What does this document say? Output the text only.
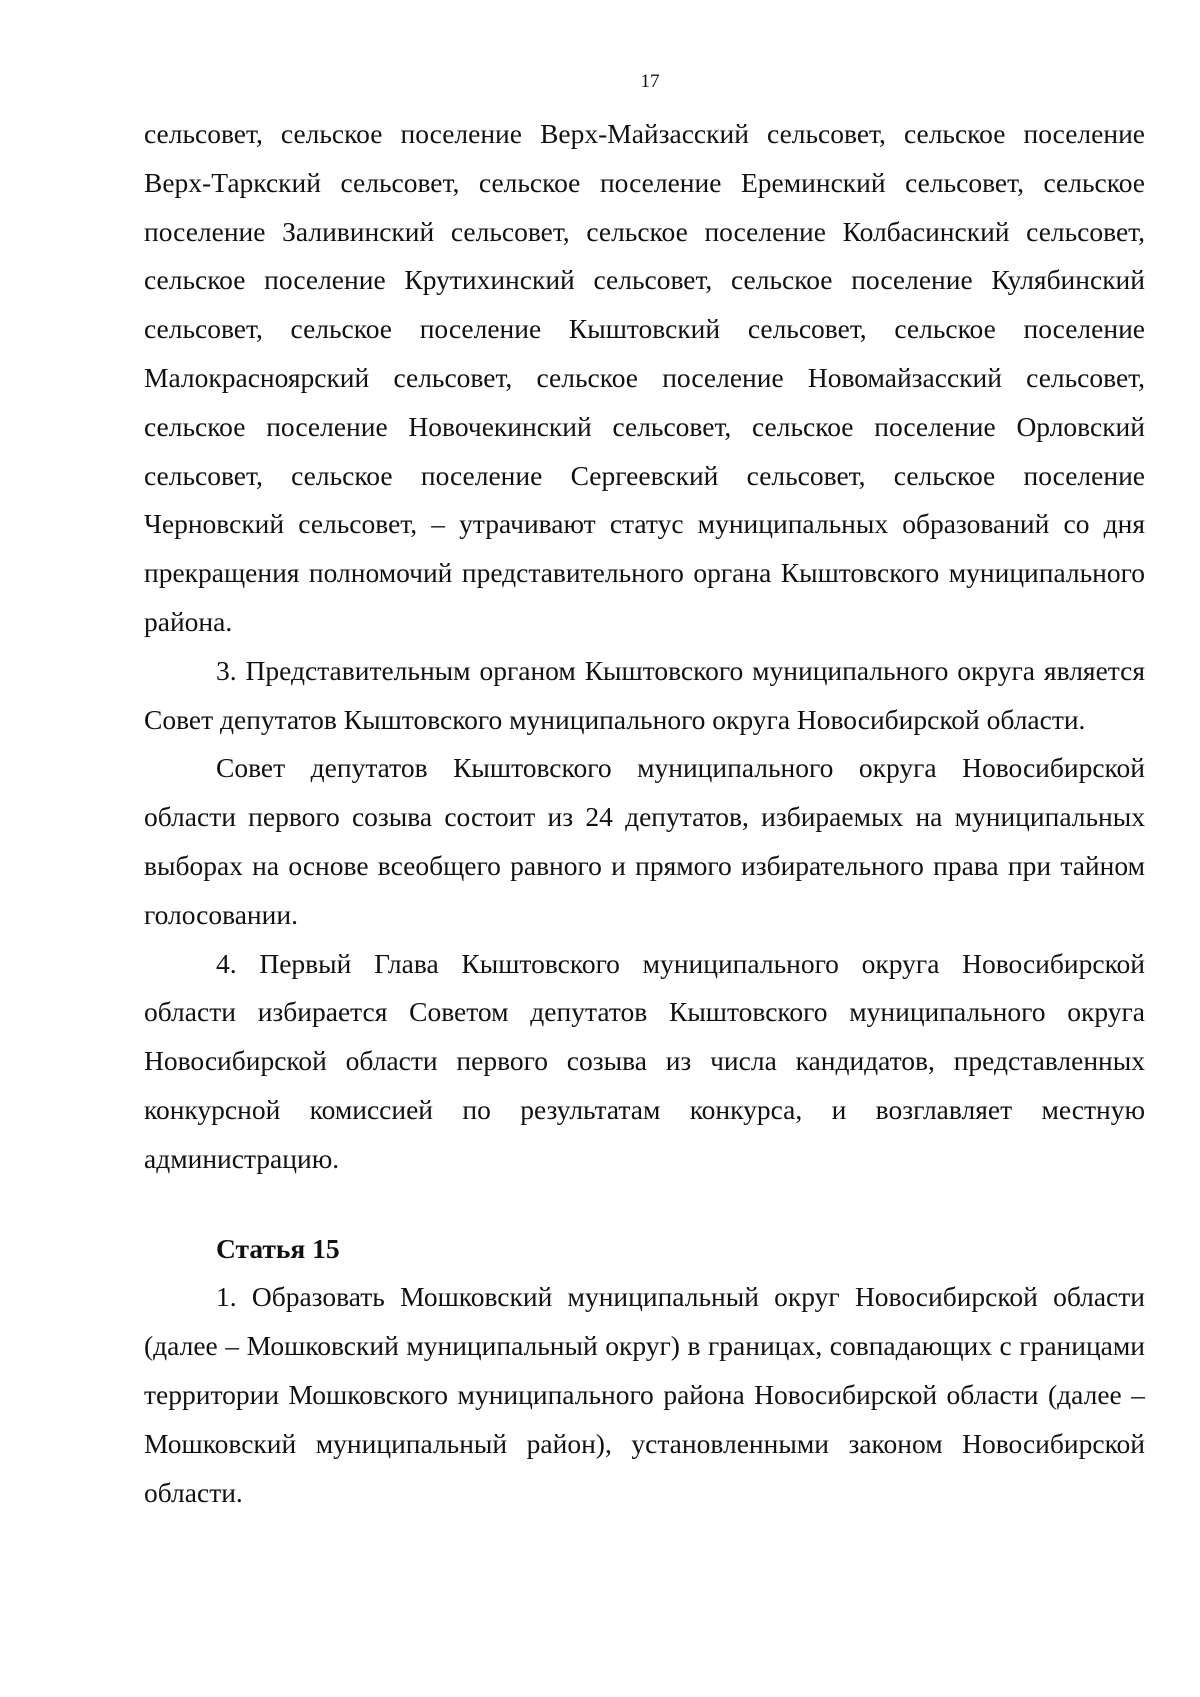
17

сельсовет, сельское поселение Верх-Майзасский сельсовет, сельское поселение Верх-Таркский сельсовет, сельское поселение Ереминский сельсовет, сельское поселение Заливинский сельсовет, сельское поселение Колбасинский сельсовет, сельское поселение Крутихинский сельсовет, сельское поселение Кулябинский сельсовет, сельское поселение Кыштовский сельсовет, сельское поселение Малокрасноярский сельсовет, сельское поселение Новомайзасский сельсовет, сельское поселение Новочекинский сельсовет, сельское поселение Орловский сельсовет, сельское поселение Сергеевский сельсовет, сельское поселение Черновский сельсовет, – утрачивают статус муниципальных образований со дня прекращения полномочий представительного органа Кыштовского муниципального района.

3. Представительным органом Кыштовского муниципального округа является Совет депутатов Кыштовского муниципального округа Новосибирской области.

Совет депутатов Кыштовского муниципального округа Новосибирской области первого созыва состоит из 24 депутатов, избираемых на муниципальных выборах на основе всеобщего равного и прямого избирательного права при тайном голосовании.

4. Первый Глава Кыштовского муниципального округа Новосибирской области избирается Советом депутатов Кыштовского муниципального округа Новосибирской области первого созыва из числа кандидатов, представленных конкурсной комиссией по результатам конкурса, и возглавляет местную администрацию.

Статья 15

1. Образовать Мошковский муниципальный округ Новосибирской области (далее – Мошковский муниципальный округ) в границах, совпадающих с границами территории Мошковского муниципального района Новосибирской области (далее – Мошковский муниципальный район), установленными законом Новосибирской области.
